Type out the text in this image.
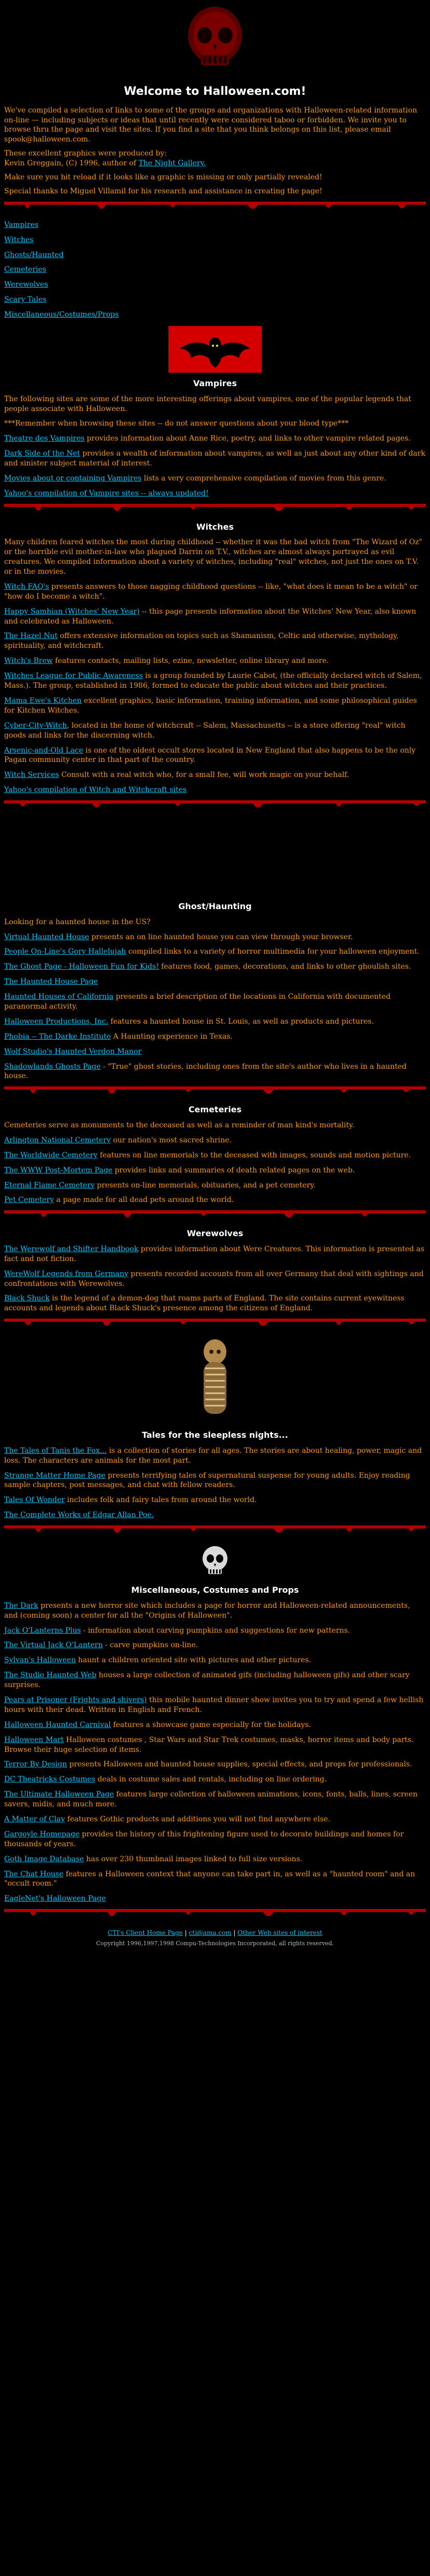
Welcome to Halloween.com!

We've compiled a selection of links to some of the groups and organizations with Halloween-related information on-line — including subjects or ideas that until recently were considered taboo or forbidden. We invite you to browse thru the page and visit the sites. If you find a site that you think belongs on this list, please email spook@halloween.com.

These excellent graphics were produced by:
Kevin Greggain, (C) 1996, author of The Night Gallery.

Make sure you hit reload if it looks like a graphic is missing or only partially revealed!

Special thanks to Miguel Villamil for his research and assistance in creating the page!

Vampires
Witches
Ghosts/Haunted
Cemeteries
Werewolves
Scary Tales
Miscellaneous/Costumes/Props
Vampires
The following sites are some of the more interesting offerings about vampires, one of the popular legends that people associate with Halloween.
***Remember when browsing these sites -- do not answer questions about your blood type***
Theatre des Vampires provides information about Anne Rice, poetry, and links to other vampire related pages.
Dark Side of the Net provides a wealth of information about vampires, as well as just about any other kind of dark and sinister subject material of interest.
Movies about or containing Vampires lists a very comprehensive compilation of movies from this genre.
Yahoo's compilation of Vampire sites -- always updated!
Witches
Many children feared witches the most during childhood -- whether it was the bad witch from "The Wizard of Oz" or the horrible evil mother-in-law who plagued Darrin on T.V., witches are almost always portrayed as evil creatures. We compiled information about a variety of witches, including "real" witches, not just the ones on T.V. or in the movies.
Witch FAQ's presents answers to those nagging childhood questions -- like, "what does it mean to be a witch" or "how do I become a witch".
Happy Samhian (Witches' New Year) -- this page presents information about the Witches' New Year, also known and celebrated as Halloween.
The Hazel Nut offers extensive information on topics such as Shamanism, Celtic and otherwise, mythology, spirituality, and witchcraft.
Witch's Brew features contacts, mailing lists, ezine, newsletter, online library and more.
Witches League for Public Awareness is a group founded by Laurie Cabot, (the officially declared witch of Salem, Mass.). The group, established in 1986, formed to educate the public about witches and their practices.
Mama Ewe's Kitchen excellent graphics, basic information, training information, and some philosophical guides for Kitchen Witches.
Cyber-City-Witch, located in the home of witchcraft -- Salem, Massachusetts -- is a store offering "real" witch goods and links for the discerning witch.
Arsenic-and-Old Lace is one of the oldest occult stores located in New England that also happens to be the only Pagan community center in that part of the country.
Witch Services Consult with a real witch who, for a small fee, will work magic on your behalf.
Yahoo's compilation of Witch and Witchcraft sites
Ghost/Haunting
Looking for a haunted house in the US?
Virtual Haunted House presents an on line haunted house you can view through your browser.
People On-Line's Gory Hallelujah compiled links to a variety of horror multimedia for your halloween enjoyment.
The Ghost Page - Halloween Fun for Kids! features food, games, decorations, and links to other ghoulish sites.
The Haunted House Page
Haunted Houses of California presents a brief description of the locations in California with documented paranormal activity.
Halloween Productions, Inc. features a haunted house in St. Louis, as well as products and pictures.
Phobia -- The Darke Institute A Haunting experience in Texas.
Wolf Studio's Haunted Verdon Manor
Shadowlands Ghosts Page - "True" ghost stories, including ones from the site's author who lives in a haunted house.
Cemeteries
Cemeteries serve as monuments to the deceased as well as a reminder of man kind's mortality.
Arlington National Cemetery our nation's most sacred shrine.
The Worldwide Cemetery features on line memorials to the deceased with images, sounds and motion picture.
The WWW Post-Mortem Page provides links and summaries of death related pages on the web.
Eternal Flame Cemetery presents on-line memorials, obituaries, and a pet cemetery.
Pet Cemetery a page made for all dead pets around the world.
Werewolves
The Werewolf and Shifter Handbook provides information about Were Creatures. This information is presented as fact and not fiction.
WereWolf Legends from Germany presents recorded accounts from all over Germany that deal with sightings and confrontations with Werewolves.
Black Shuck is the legend of a demon-dog that roams parts of England. The site contains current eyewitness accounts and legends about Black Shuck's presence among the citizens of England.
Tales for the sleepless nights...
The Tales of Tanis the Fox... is a collection of stories for all ages. The stories are about healing, power, magic and loss. The characters are animals for the most part.
Strange Matter Home Page presents terrifying tales of supernatural suspense for young adults. Enjoy reading sample chapters, post messages, and chat with fellow readers.
Tales Of Wonder includes folk and fairy tales from around the world.
The Complete Works of Edgar Allan Poe.
Miscellaneous, Costumes and Props
The Dark presents a new horror site which includes a page for horror and Halloween-related announcements, and (coming soon) a center for all the "Origins of Halloween".
Jack O'Lanterns Plus - information about carving pumpkins and suggestions for new patterns.
The Virtual Jack O'Lantern - carve pumpkins on-line.
Sylvan's Halloween haunt a children oriented site with pictures and other pictures.
The Studio Haunted Web houses a large collection of animated gifs (including halloween gifs) and other scary surprises.
Pears at Prisoner (Frights and shivers) this mobile haunted dinner show invites you to try and spend a few hellish hours with their dead. Written in English and French.
Halloween Haunted Carnival features a showcase game especially for the holidays.
Halloween Mart Halloween costumes , Star Wars and Star Trek costumes, masks, horror items and body parts. Browse their huge selection of items.
Terror By Design presents Halloween and haunted house supplies, special effects, and props for professionals.
DC Theatricks Costumes deals in costume sales and rentals, including on line ordering.
The Ultimate Halloween Page features large collection of halloween animations, icons, fonts, balls, lines, screen savers, midis, and much more.
A Matter of Clay features Gothic products and additions you will not find anywhere else.
Gargoyle Homepage provides the history of this frightening figure used to decorate buildings and homes for thousands of years.
Goth Image Database has over 230 thumbnail images linked to full size versions.
The Chat House features a Halloween context that anyone can take part in, as well as a "haunted room" and an "occult room."
EagleNet's Halloween Page
CTI's Client Home Page | cti@ama.com | Other Web sites of interest
Copyright 1996,1997,1998 Compu-Technologies Incorporated, all rights reserved.
